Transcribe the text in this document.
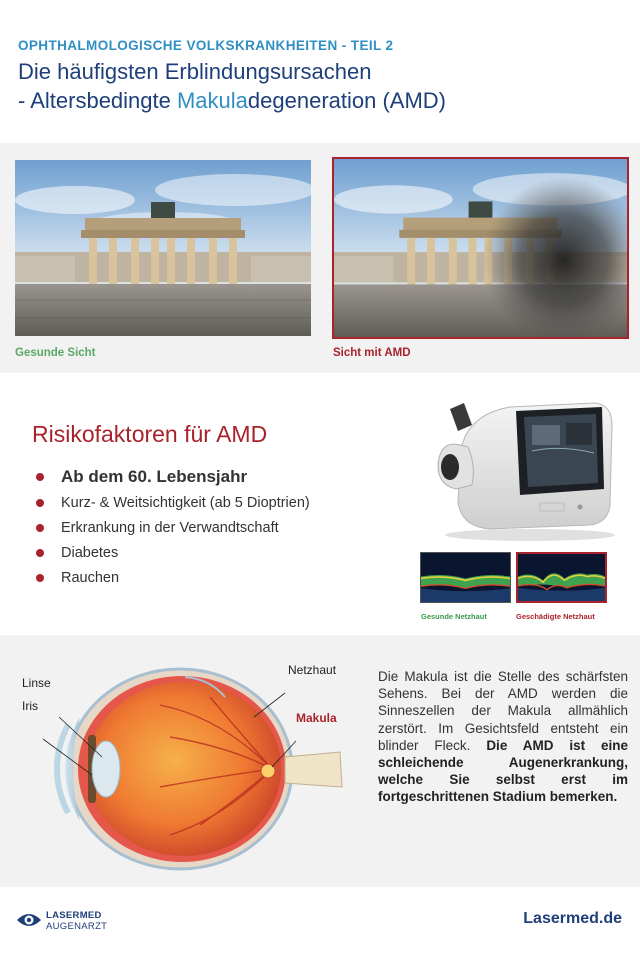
OPHTHALMOLOGISCHE VOLKSKRANKHEITEN - TEIL 2
Die häufigsten Erblindungsursachen
- Altersbedingte Makuladegeneration (AMD)
Gesunde Sicht	Sicht mit AMD
Risikofaktoren für AMD
Ab dem 60. Lebensjahr
Kurz- & Weitsichtigkeit (ab 5 Dioptrien)
Erkrankung in der Verwandtschaft
Diabetes
Rauchen
Gesunde Netzhaut	Geschädigte Netzhaut
Linse
Iris
Netzhaut
Makula
Die Makula ist die Stelle des schärfsten Sehens. Bei der AMD werden die Sinneszellen der Makula allmählich zerstört. Im Gesichtsfeld entsteht ein blinder Fleck. Die AMD ist eine schleichende Augenerkrankung, welche Sie selbst erst im fortgeschrittenen Stadium bemerken.
LASERMED
AUGENARZT	Lasermed.de
